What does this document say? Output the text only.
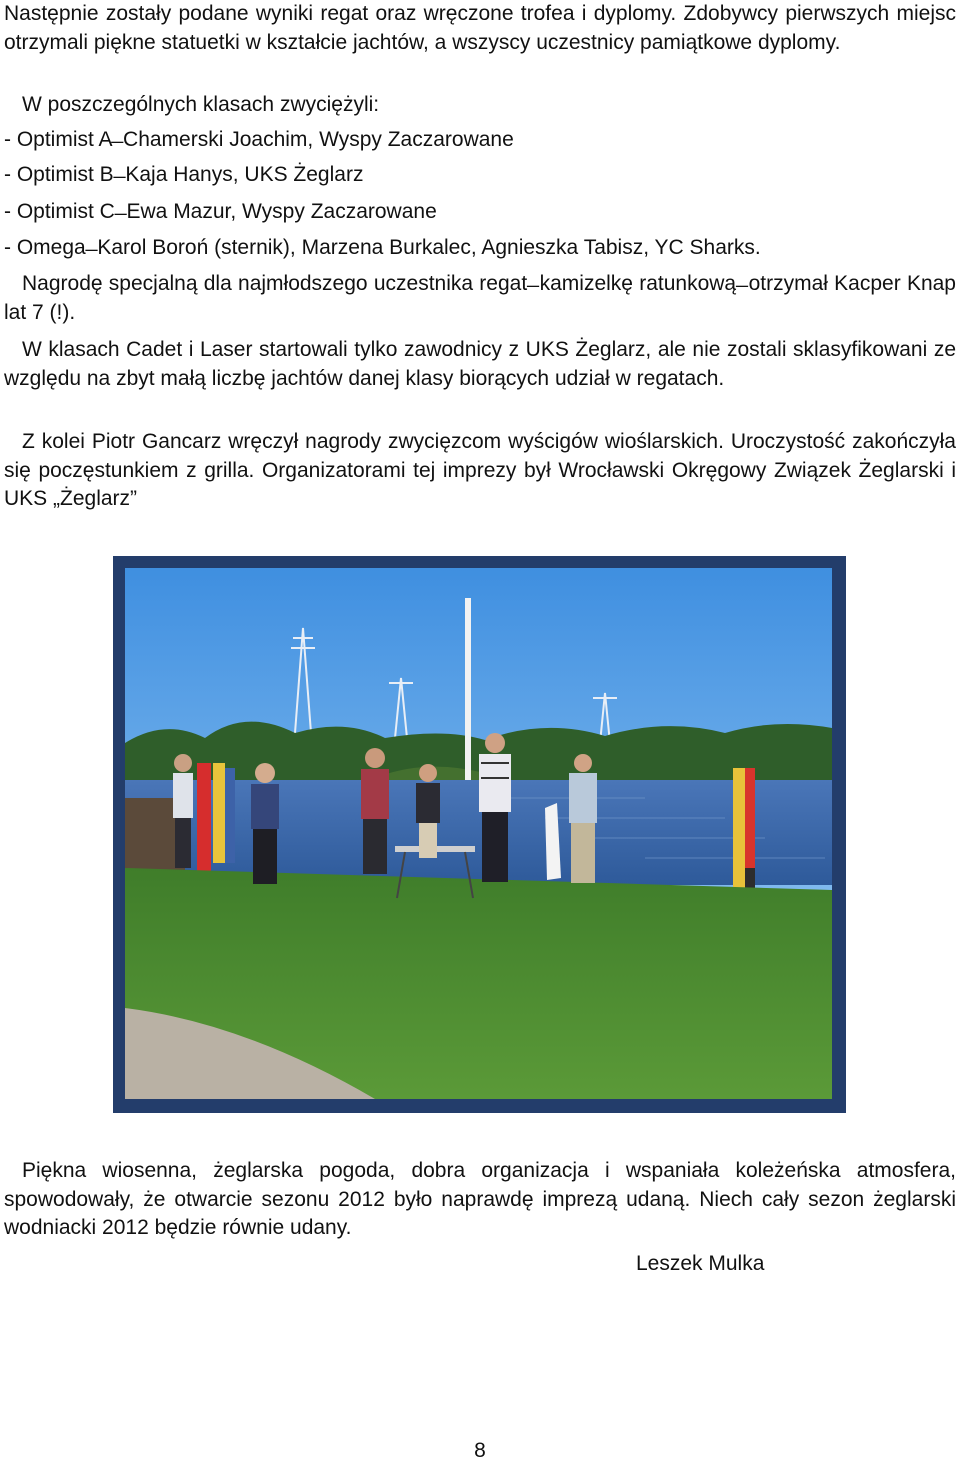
Następnie zostały podane wyniki regat oraz wręczone trofea i dyplomy. Zdobywcy pierwszych miejsc otrzymali piękne statuetki w kształcie jachtów, a wszyscy uczestnicy pamiątkowe dyplomy.

W poszczególnych klasach zwyciężyli:

- Optimist A ̶ Chamerski Joachim, Wyspy Zaczarowane

- Optimist B ̶ Kaja Hanys, UKS Żeglarz

- Optimist C ̶ Ewa Mazur, Wyspy Zaczarowane

- Omega ̶ Karol Boroń (sternik), Marzena Burkalec, Agnieszka Tabisz, YC Sharks.

Nagrodę specjalną dla najmłodszego uczestnika regat ̶ kamizelkę ratunkową ̶ otrzymał Kacper Knap lat 7 (!).

W klasach Cadet i Laser startowali tylko zawodnicy z UKS Żeglarz, ale nie zostali sklasyfikowani ze względu na zbyt małą liczbę jachtów danej klasy biorących udział w regatach.

Z kolei Piotr Gancarz wręczył nagrody zwycięzcom wyścigów wioślarskich. Uroczystość zakończyła się poczęstunkiem z grilla. Organizatorami tej imprezy był Wrocławski Okręgowy Związek Żeglarski i UKS „Żeglarz”

Piękna wiosenna, żeglarska pogoda, dobra organizacja i wspaniała koleżeńska atmosfera, spowodowały, że otwarcie sezonu 2012 było naprawdę imprezą udaną. Niech cały sezon żeglarski wodniacki 2012 będzie równie udany.

Leszek Mulka
8
